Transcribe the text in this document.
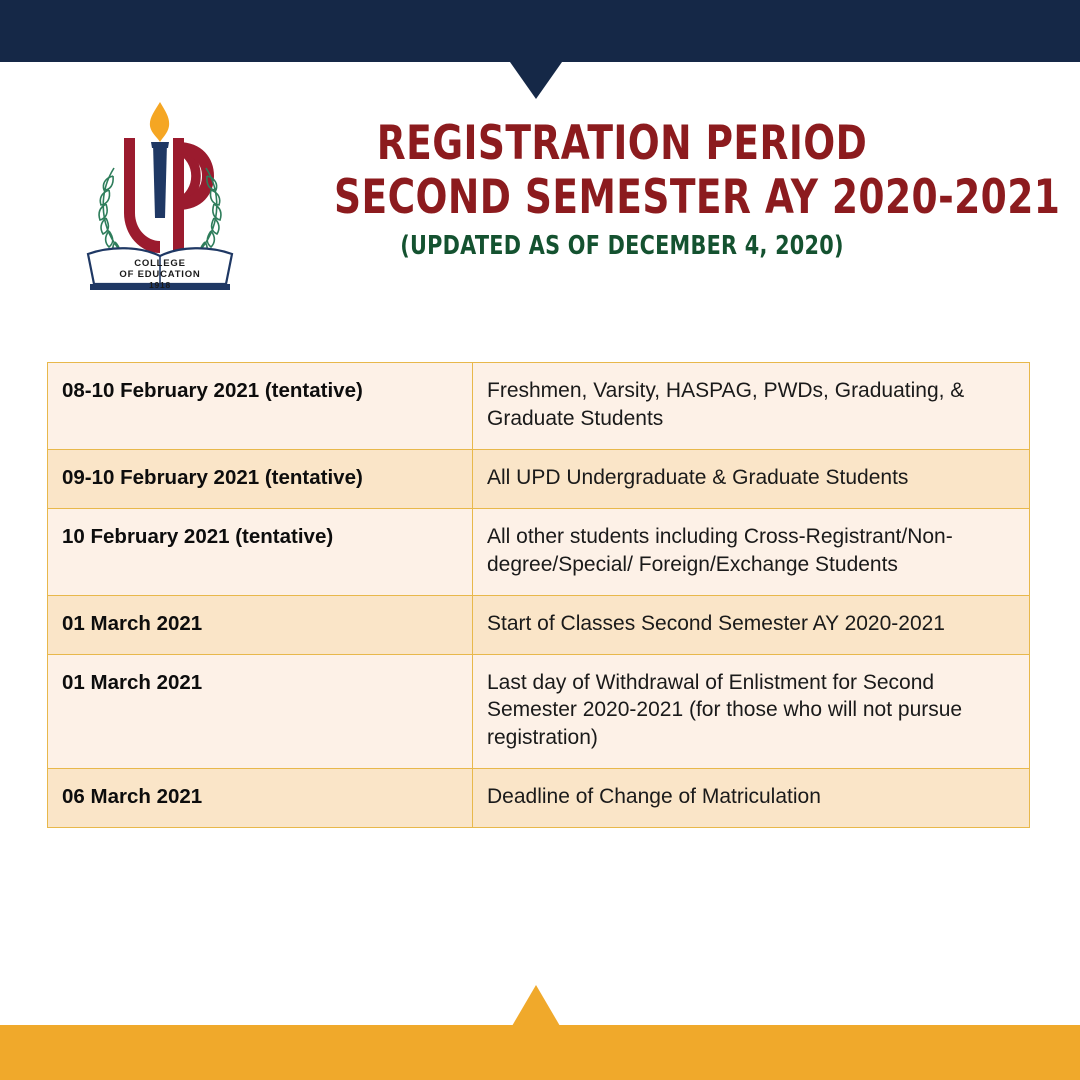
COLLEGE
OF EDUCATION
1918
REGISTRATION PERIOD
SECOND SEMESTER AY 2020-2021
(UPDATED AS OF DECEMBER 4, 2020)
08-10 February 2021 (tentative)	Freshmen, Varsity, HASPAG, PWDs, Graduating, & Graduate Students
09-10 February 2021 (tentative)	All UPD Undergraduate & Graduate Students
10 February 2021 (tentative)	All other students including Cross-Registrant/Non-degree/Special/ Foreign/Exchange Students
01 March 2021	Start of Classes Second Semester AY 2020-2021
01 March 2021	Last day of Withdrawal of Enlistment for Second Semester 2020-2021 (for those who will not pursue registration)
06 March 2021	Deadline of Change of Matriculation
